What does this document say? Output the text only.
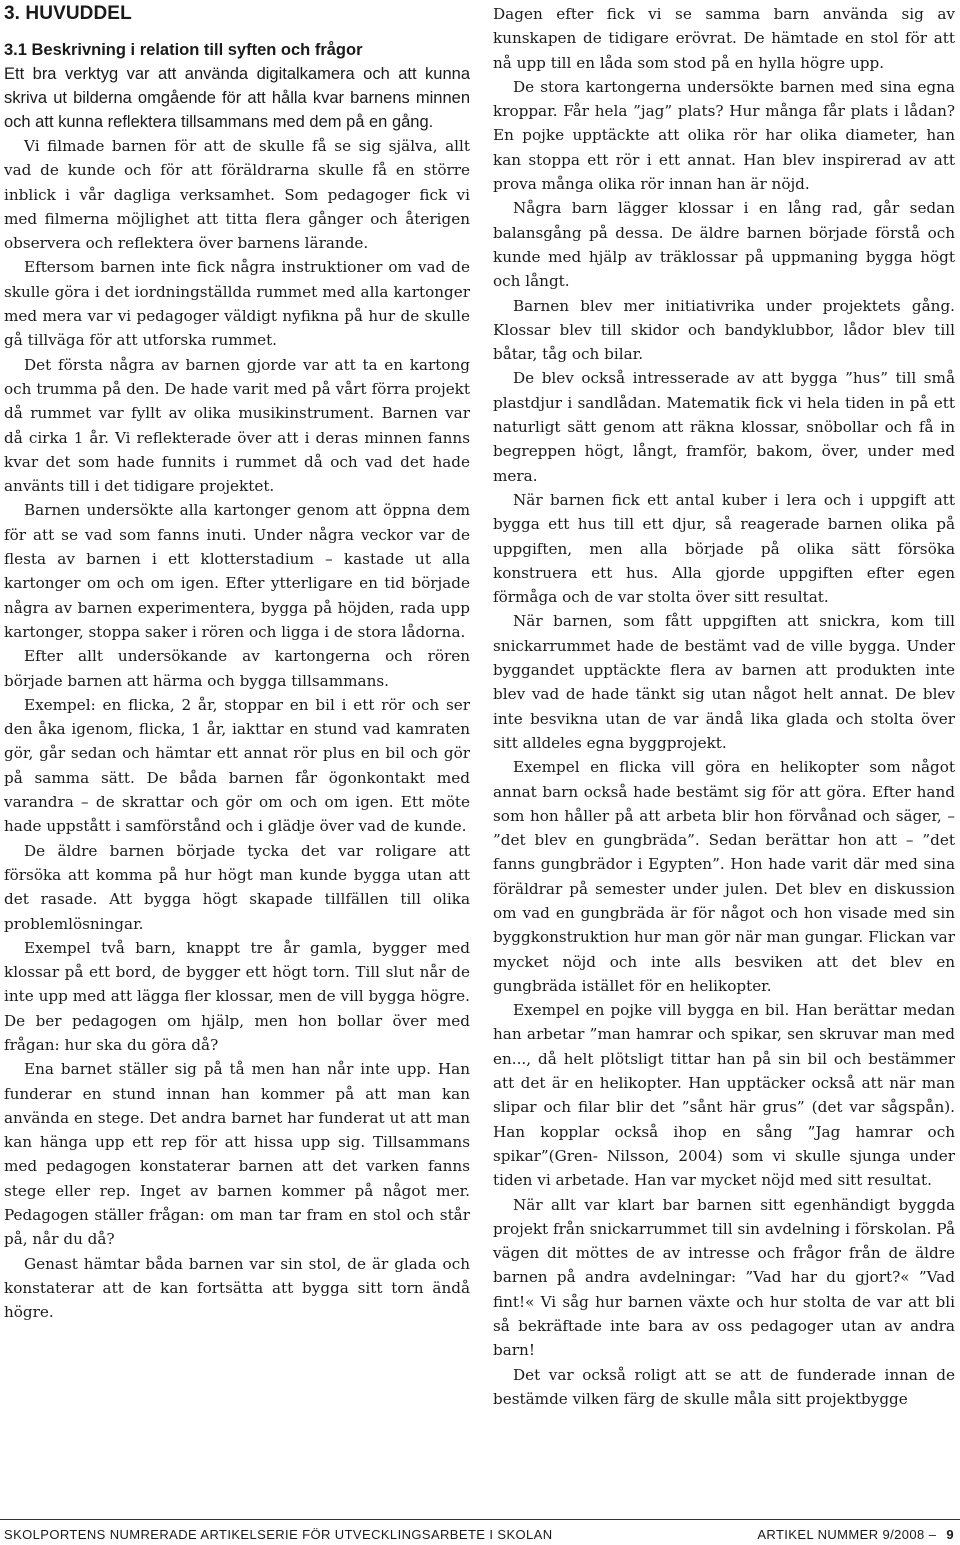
3. HUVUDDEL
3.1 Beskrivning i relation till syften och frågor

Ett bra verktyg var att använda digitalkamera och att kunna skriva ut bilderna omgående för att hålla kvar barnens minnen och att kunna reflektera tillsammans med dem på en gång.

Vi filmade barnen för att de skulle få se sig själva, allt vad de kunde och för att föräldrarna skulle få en större inblick i vår dagliga verksamhet. Som pedagoger fick vi med filmerna möjlighet att titta flera gånger och återigen observera och reflektera över barnens lärande.

Eftersom barnen inte fick några instruktioner om vad de skulle göra i det iordningställda rummet med alla kartonger med mera var vi pedagoger väldigt nyfikna på hur de skulle gå tillväga för att utforska rummet.

Det första några av barnen gjorde var att ta en kartong och trumma på den. De hade varit med på vårt förra projekt då rummet var fyllt av olika musikinstrument. Barnen var då cirka 1 år. Vi reflekterade över att i deras minnen fanns kvar det som hade funnits i rummet då och vad det hade använts till i det tidigare projektet.

Barnen undersökte alla kartonger genom att öppna dem för att se vad som fanns inuti. Under några veckor var de flesta av barnen i ett klotterstadium – kastade ut alla kartonger om och om igen. Efter ytterligare en tid började några av barnen experimentera, bygga på höjden, rada upp kartonger, stoppa saker i rören och ligga i de stora lådorna.

Efter allt undersökande av kartongerna och rören började barnen att härma och bygga tillsammans.

Exempel: en flicka, 2 år, stoppar en bil i ett rör och ser den åka igenom, flicka, 1 år, iakttar en stund vad kamraten gör, går sedan och hämtar ett annat rör plus en bil och gör på samma sätt. De båda barnen får ögonkontakt med varandra – de skrattar och gör om och om igen. Ett möte hade uppstått i samförstånd och i glädje över vad de kunde.

De äldre barnen började tycka det var roligare att försöka att komma på hur högt man kunde bygga utan att det rasade. Att bygga högt skapade tillfällen till olika problemlösningar.

Exempel två barn, knappt tre år gamla, bygger med klossar på ett bord, de bygger ett högt torn. Till slut når de inte upp med att lägga fler klossar, men de vill bygga högre. De ber pedagogen om hjälp, men hon bollar över med frågan: hur ska du göra då?

Ena barnet ställer sig på tå men han når inte upp. Han funderar en stund innan han kommer på att man kan använda en stege. Det andra barnet har funderat ut att man kan hänga upp ett rep för att hissa upp sig. Tillsammans med pedagogen konstaterar barnen att det varken fanns stege eller rep. Inget av barnen kommer på något mer. Pedagogen ställer frågan: om man tar fram en stol och står på, når du då?

Genast hämtar båda barnen var sin stol, de är glada och konstaterar att de kan fortsätta att bygga sitt torn ändå högre.

Dagen efter fick vi se samma barn använda sig av kunskapen de tidigare erövrat. De hämtade en stol för att nå upp till en låda som stod på en hylla högre upp.

De stora kartongerna undersökte barnen med sina egna kroppar. Får hela ”jag” plats? Hur många får plats i lådan? En pojke upptäckte att olika rör har olika diameter, han kan stoppa ett rör i ett annat. Han blev inspirerad av att prova många olika rör innan han är nöjd.

Några barn lägger klossar i en lång rad, går sedan balansgång på dessa. De äldre barnen började förstå och kunde med hjälp av träklossar på uppmaning bygga högt och långt.

Barnen blev mer initiativrika under projektets gång. Klossar blev till skidor och bandyklubbor, lådor blev till båtar, tåg och bilar.

De blev också intresserade av att bygga ”hus” till små plastdjur i sandlådan. Matematik fick vi hela tiden in på ett naturligt sätt genom att räkna klossar, snöbollar och få in begreppen högt, långt, framför, bakom, över, under med mera.

När barnen fick ett antal kuber i lera och i uppgift att bygga ett hus till ett djur, så reagerade barnen olika på uppgiften, men alla började på olika sätt försöka konstruera ett hus. Alla gjorde uppgiften efter egen förmåga och de var stolta över sitt resultat.

När barnen, som fått uppgiften att snickra, kom till snickarrummet hade de bestämt vad de ville bygga. Under byggandet upptäckte flera av barnen att produkten inte blev vad de hade tänkt sig utan något helt annat. De blev inte besvikna utan de var ändå lika glada och stolta över sitt alldeles egna byggprojekt.

Exempel en flicka vill göra en helikopter som något annat barn också hade bestämt sig för att göra. Efter hand som hon håller på att arbeta blir hon förvånad och säger, – ”det blev en gungbräda”. Sedan berättar hon att – ”det fanns gungbrädor i Egypten”. Hon hade varit där med sina föräldrar på semester under julen. Det blev en diskussion om vad en gungbräda är för något och hon visade med sin byggkonstruktion hur man gör när man gungar. Flickan var mycket nöjd och inte alls besviken att det blev en gungbräda istället för en helikopter.

Exempel en pojke vill bygga en bil. Han berättar medan han arbetar ”man hamrar och spikar, sen skruvar man med en..., då helt plötsligt tittar han på sin bil och bestämmer att det är en helikopter. Han upptäcker också att när man slipar och filar blir det ”sånt här grus” (det var sågspån). Han kopplar också ihop en sång ”Jag hamrar och spikar”(Gren- Nilsson, 2004) som vi skulle sjunga under tiden vi arbetade. Han var mycket nöjd med sitt resultat.

När allt var klart bar barnen sitt egenhändigt byggda projekt från snickarrummet till sin avdelning i förskolan. På vägen dit möttes de av intresse och frågor från de äldre barnen på andra avdelningar: ”Vad har du gjort?« ”Vad fint!« Vi såg hur barnen växte och hur stolta de var att bli så bekräftade inte bara av oss pedagoger utan av andra barn!

Det var också roligt att se att de funderade innan de bestämde vilken färg de skulle måla sitt projektbygge

SKOLPORTENS NUMRERADE ARTIKELSERIE FÖR UTVECKLINGSARBETE I SKOLAN	ARTIKEL NUMMER 9/2008 – 9
